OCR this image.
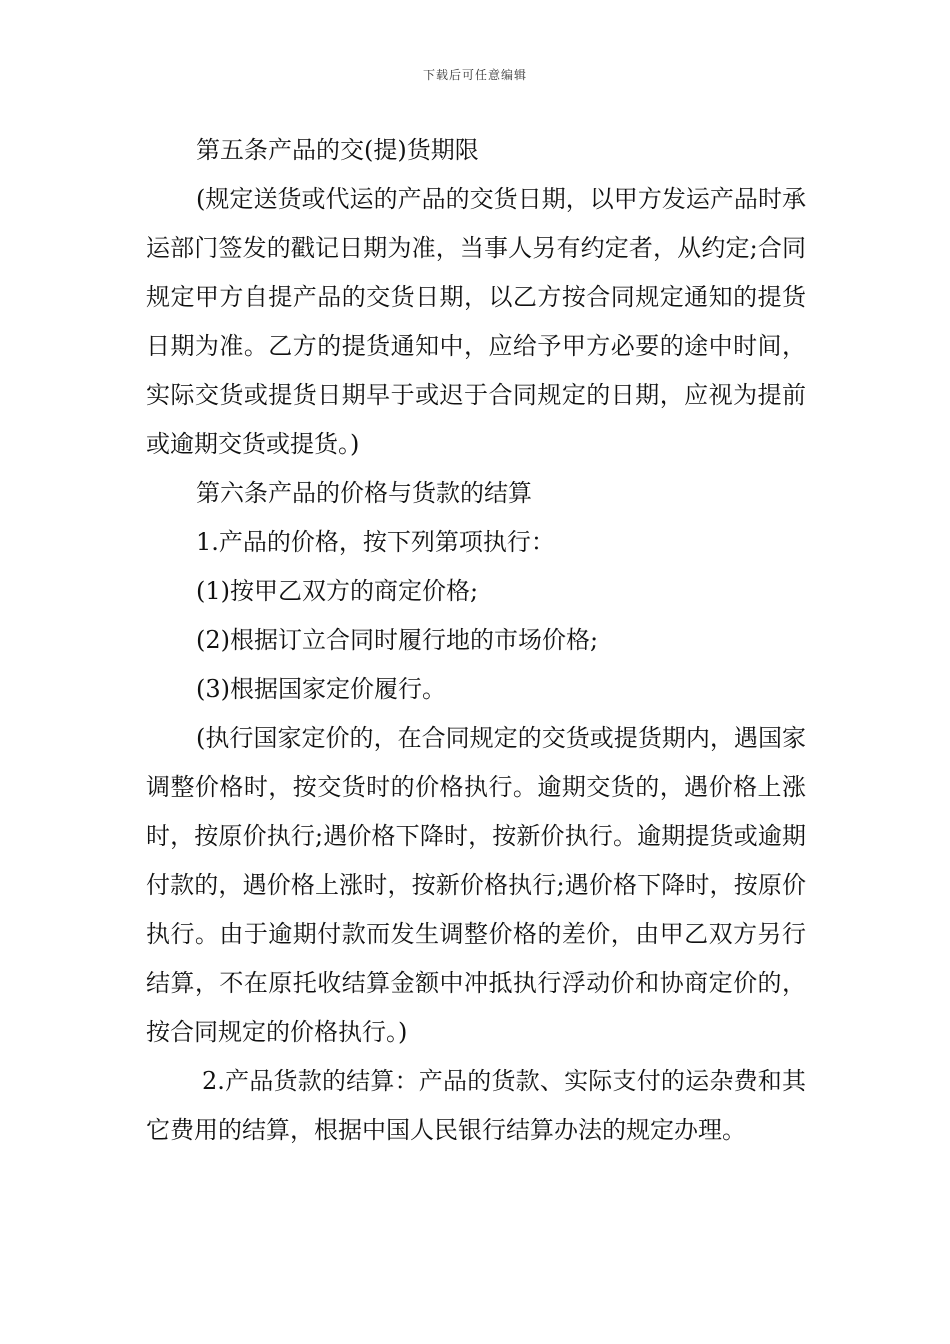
下载后可任意编辑

第五条产品的交(提)货期限

(规定送货或代运的产品的交货日期，以甲方发运产品时承运部门签发的戳记日期为准，当事人另有约定者，从约定;合同规定甲方自提产品的交货日期，以乙方按合同规定通知的提货日期为准。乙方的提货通知中，应给予甲方必要的途中时间，实际交货或提货日期早于或迟于合同规定的日期，应视为提前或逾期交货或提货。)

第六条产品的价格与货款的结算

1.产品的价格，按下列第项执行：

(1)按甲乙双方的商定价格;

(2)根据订立合同时履行地的市场价格;

(3)根据国家定价履行。

(执行国家定价的，在合同规定的交货或提货期内，遇国家调整价格时，按交货时的价格执行。逾期交货的，遇价格上涨时，按原价执行;遇价格下降时，按新价执行。逾期提货或逾期付款的，遇价格上涨时，按新价格执行;遇价格下降时，按原价执行。由于逾期付款而发生调整价格的差价，由甲乙双方另行结算，不在原托收结算金额中冲抵执行浮动价和协商定价的，按合同规定的价格执行。)

2.产品货款的结算：产品的货款、实际支付的运杂费和其它费用的结算，根据中国人民银行结算办法的规定办理。
